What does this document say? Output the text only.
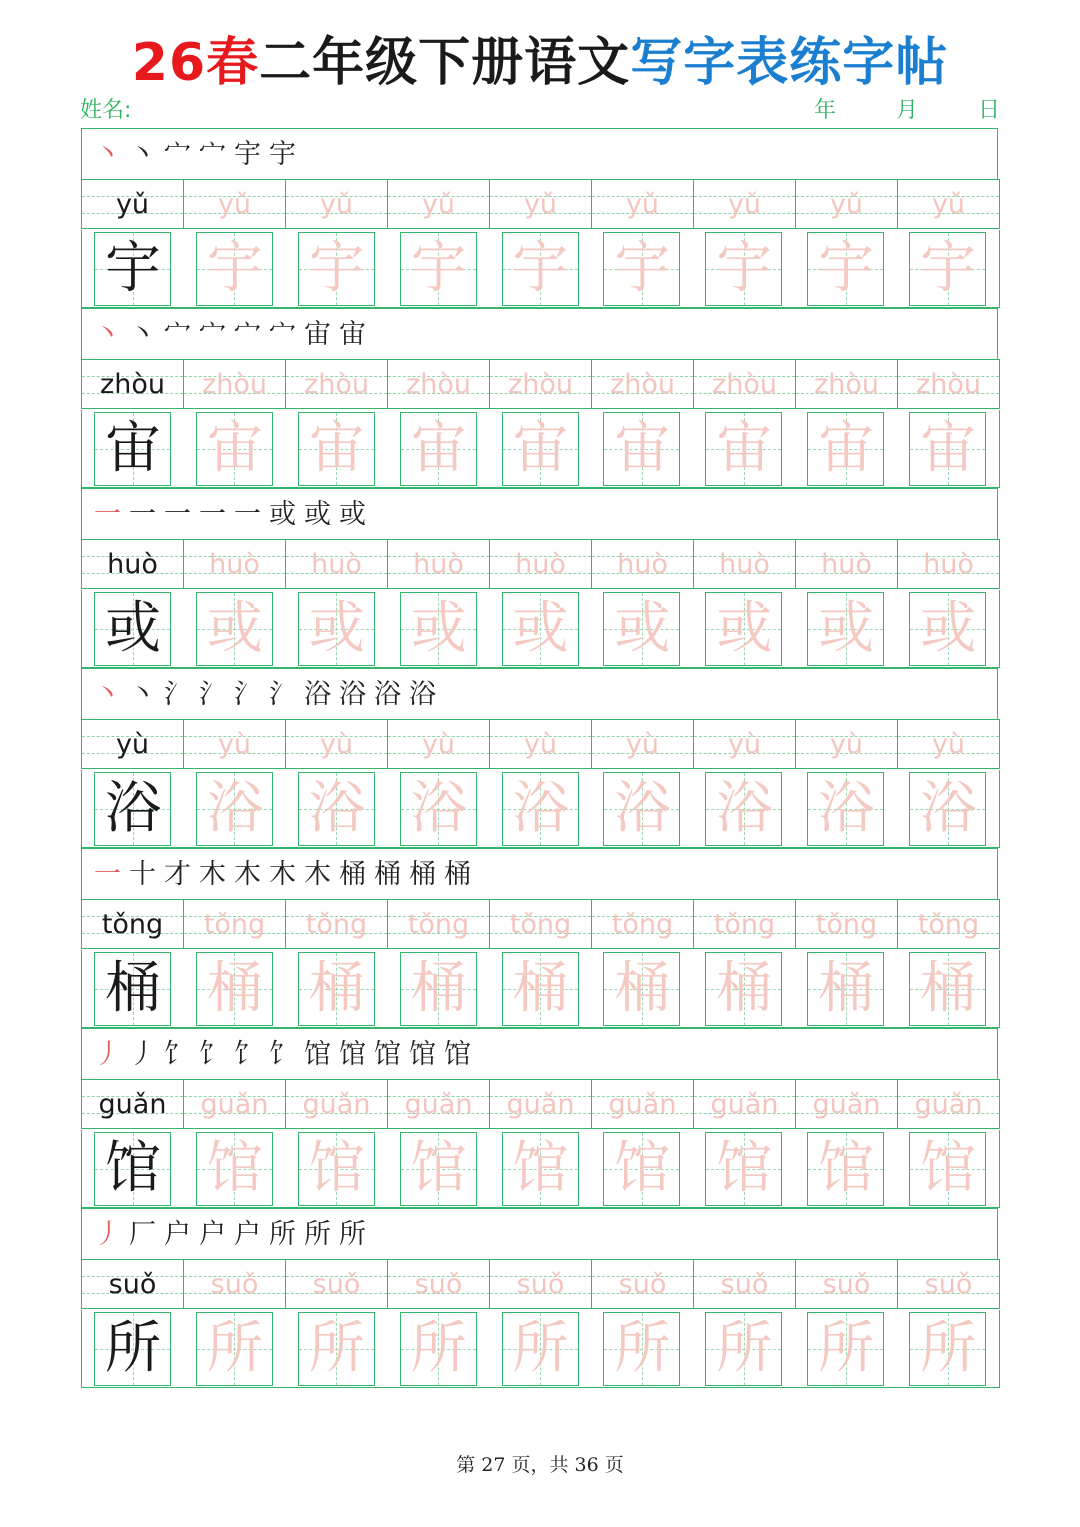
26春二年级下册语文写字表练字帖
姓名:	年	月	日
丶 丶 宀 宀 宇 宇
yǔ	yǔ	yǔ	yǔ	yǔ	yǔ	yǔ	yǔ	yǔ
宇 宇 宇 宇 宇 宇 宇 宇 宇
丶 丶 宀 宀 宀 宀 宙 宙
zhòu zhòu zhòu zhòu zhòu zhòu zhòu zhòu zhòu
宙 宙 宙 宙 宙 宙 宙 宙 宙
一 一 一 一 一 或 或 或
huò huò huò huò huò huò huò huò huò
或 或 或 或 或 或 或 或 或
丶 丶 氵 氵 氵 氵 浴 浴 浴 浴
yù	yù	yù	yù	yù	yù	yù	yù	yù
浴 浴 浴 浴 浴 浴 浴 浴 浴
一 十 才 木 木 木 木 桶 桶 桶 桶
tǒng tǒng tǒng tǒng tǒng tǒng tǒng tǒng tǒng
桶 桶 桶 桶 桶 桶 桶 桶 桶
丿 丿 饣 饣 饣 饣 馆 馆 馆 馆 馆
guǎn guǎn guǎn guǎn guǎn guǎn guǎn guǎn guǎn
馆 馆 馆 馆 馆 馆 馆 馆 馆
丿 厂 户 户 户 所 所 所
suǒ suǒ suǒ suǒ suǒ suǒ suǒ suǒ suǒ
所 所 所 所 所 所 所 所 所
第 27 页，共 36 页
